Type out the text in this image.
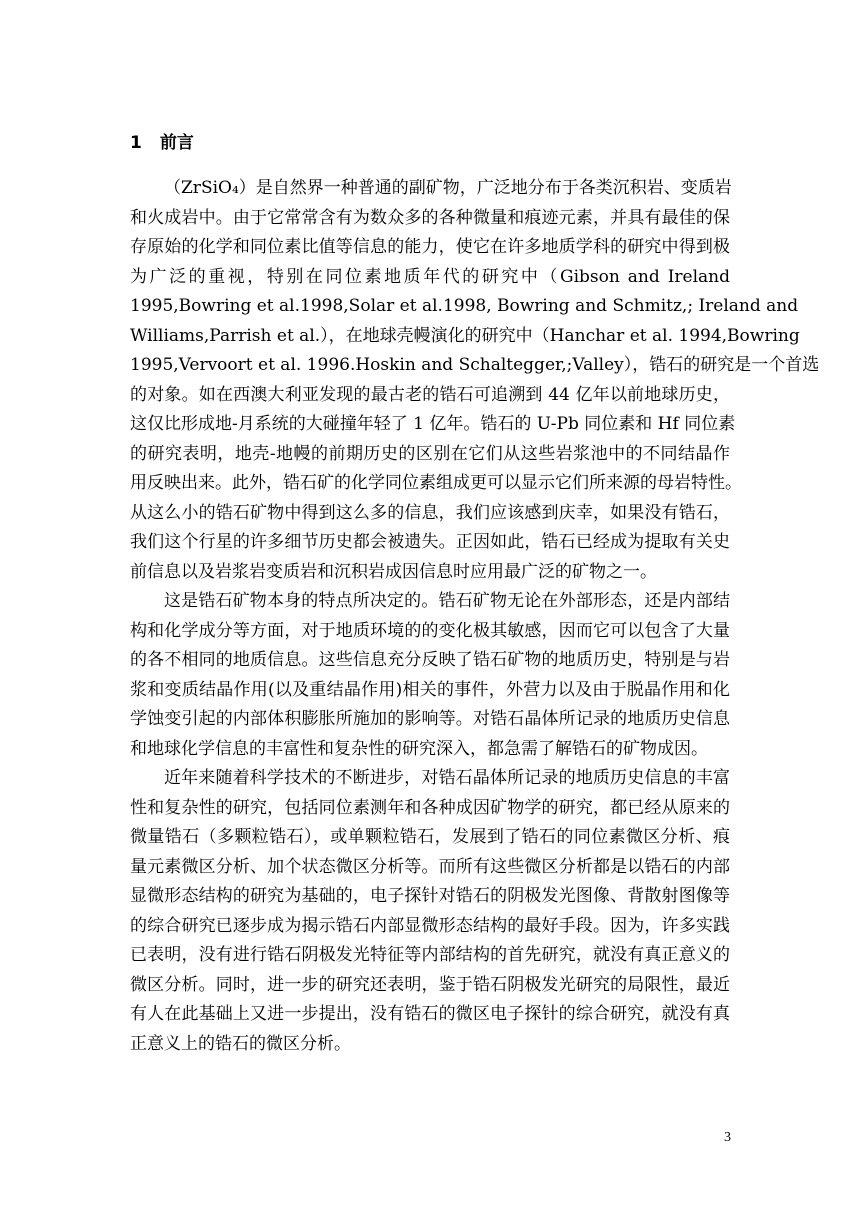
1 前言

（ZrSiO₄）是自然界一种普通的副矿物，广泛地分布于各类沉积岩、变质岩
和火成岩中。由于它常常含有为数众多的各种微量和痕迹元素，并具有最佳的保
存原始的化学和同位素比值等信息的能力，使它在许多地质学科的研究中得到极
为广泛的重视，特别在同位素地质年代的研究中（Gibson and Ireland
1995,Bowring et al.1998,Solar et al.1998, Bowring and Schmitz,; Ireland and
Williams,Parrish et al.），在地球壳幔演化的研究中（Hanchar et al. 1994,Bowring
1995,Vervoort et al. 1996.Hoskin and Schaltegger,;Valley），锆石的研究是一个首选
的对象。如在西澳大利亚发现的最古老的锆石可追溯到 44 亿年以前地球历史，
这仅比形成地-月系统的大碰撞年轻了 1 亿年。锆石的 U-Pb 同位素和 Hf 同位素
的研究表明，地壳-地幔的前期历史的区别在它们从这些岩浆池中的不同结晶作
用反映出来。此外，锆石矿的化学同位素组成更可以显示它们所来源的母岩特性。
从这么小的锆石矿物中得到这么多的信息，我们应该感到庆幸，如果没有锆石，
我们这个行星的许多细节历史都会被遗失。正因如此，锆石已经成为提取有关史
前信息以及岩浆岩变质岩和沉积岩成因信息时应用最广泛的矿物之一。

这是锆石矿物本身的特点所决定的。锆石矿物无论在外部形态，还是内部结
构和化学成分等方面，对于地质环境的的变化极其敏感，因而它可以包含了大量
的各不相同的地质信息。这些信息充分反映了锆石矿物的地质历史，特别是与岩
浆和变质结晶作用(以及重结晶作用)相关的事件，外营力以及由于脱晶作用和化
学蚀变引起的内部体积膨胀所施加的影响等。对锆石晶体所记录的地质历史信息
和地球化学信息的丰富性和复杂性的研究深入，都急需了解锆石的矿物成因。

近年来随着科学技术的不断进步，对锆石晶体所记录的地质历史信息的丰富
性和复杂性的研究，包括同位素测年和各种成因矿物学的研究，都已经从原来的
微量锆石（多颗粒锆石），或单颗粒锆石，发展到了锆石的同位素微区分析、痕
量元素微区分析、加个状态微区分析等。而所有这些微区分析都是以锆石的内部
显微形态结构的研究为基础的，电子探针对锆石的阴极发光图像、背散射图像等
的综合研究已逐步成为揭示锆石内部显微形态结构的最好手段。因为，许多实践
已表明，没有进行锆石阴极发光特征等内部结构的首先研究，就没有真正意义的
微区分析。同时，进一步的研究还表明，鉴于锆石阴极发光研究的局限性，最近
有人在此基础上又进一步提出，没有锆石的微区电子探针的综合研究，就没有真
正意义上的锆石的微区分析。

3
